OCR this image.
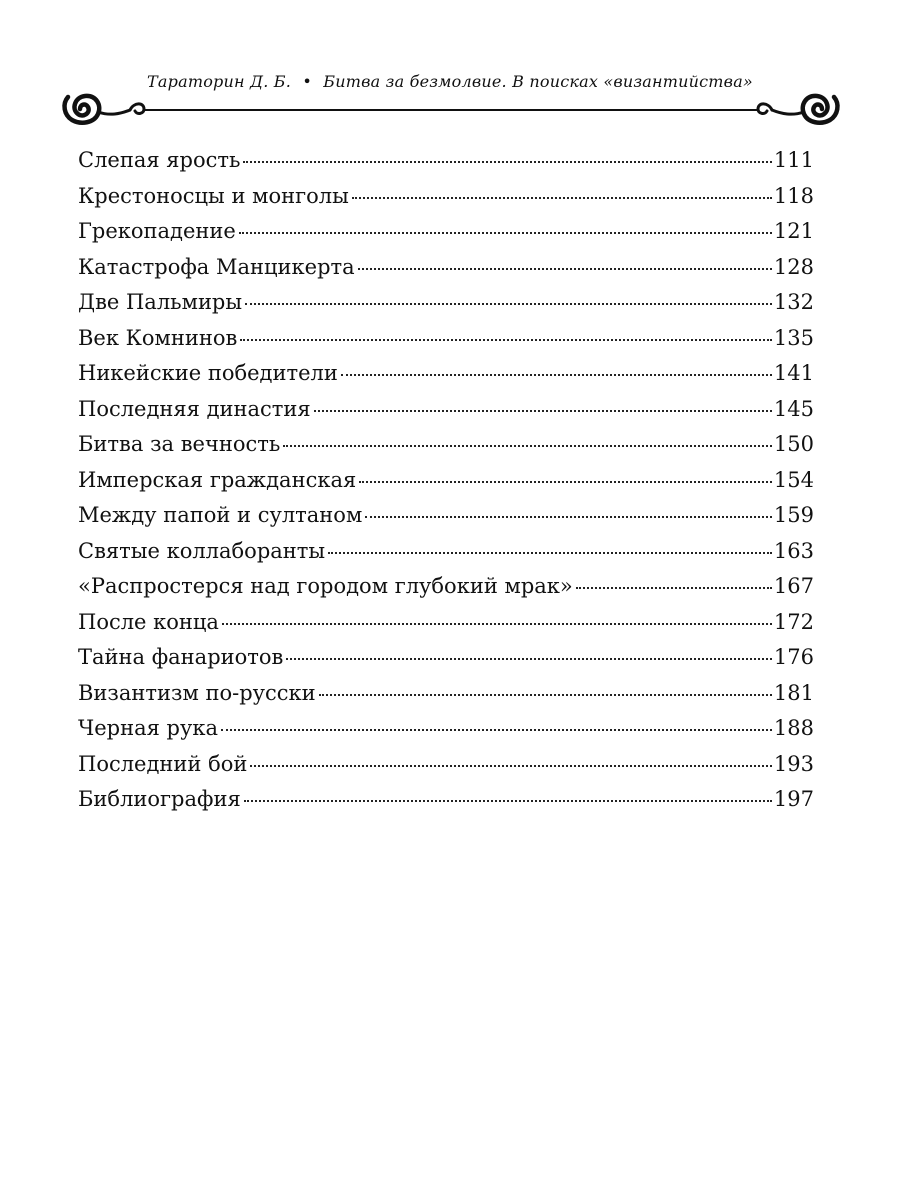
Тараторин Д. Б. • Битва за безмолвие. В поисках «византийства»
Слепая ярость	111
Крестоносцы и монголы	118
Грекопадение	121
Катастрофа Манцикерта	128
Две Пальмиры	132
Век Комнинов	135
Никейские победители	141
Последняя династия	145
Битва за вечность	150
Имперская гражданская	154
Между папой и султаном	159
Святые коллаборанты	163
«Распростерся над городом глубокий мрак»	167
После конца	172
Тайна фанариотов	176
Византизм по-русски	181
Черная рука	188
Последний бой	193
Библиография	197
